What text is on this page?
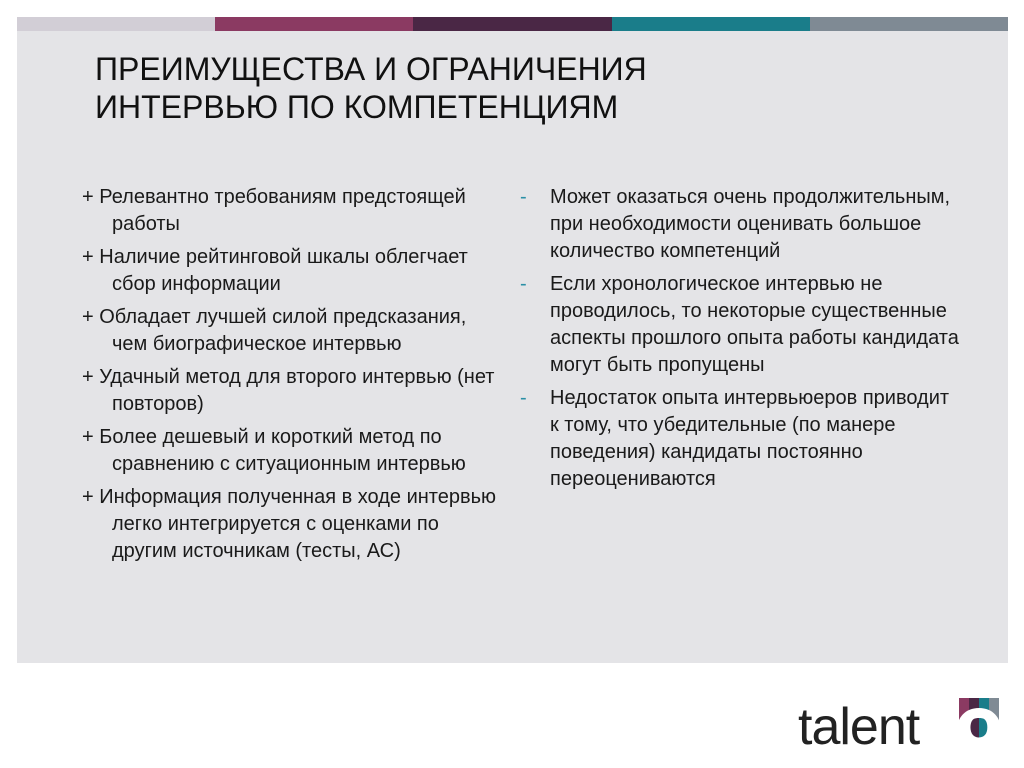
ПРЕИМУЩЕСТВА И ОГРАНИЧЕНИЯ
ИНТЕРВЬЮ ПО КОМПЕТЕНЦИЯМ
+ Релевантно требованиям предстоящей работы
+ Наличие рейтинговой шкалы облегчает сбор информации
+ Обладает лучшей силой предсказания, чем биографическое интервью
+ Удачный метод для второго интервью (нет повторов)
+ Более дешевый и короткий метод по сравнению с ситуационным интервью
+ Информация полученная в ходе интервью легко интегрируется с оценками по другим источникам (тесты, АС)
-	Может оказаться очень продолжительным, при необходимости оценивать большое количество компетенций
-	Если хронологическое интервью не проводилось, то некоторые существенные аспекты прошлого опыта работы кандидата могут быть пропущены
-	Недостаток опыта интервьюеров приводит к тому, что убедительные (по манере поведения) кандидаты постоянно переоцениваются
talent Q
